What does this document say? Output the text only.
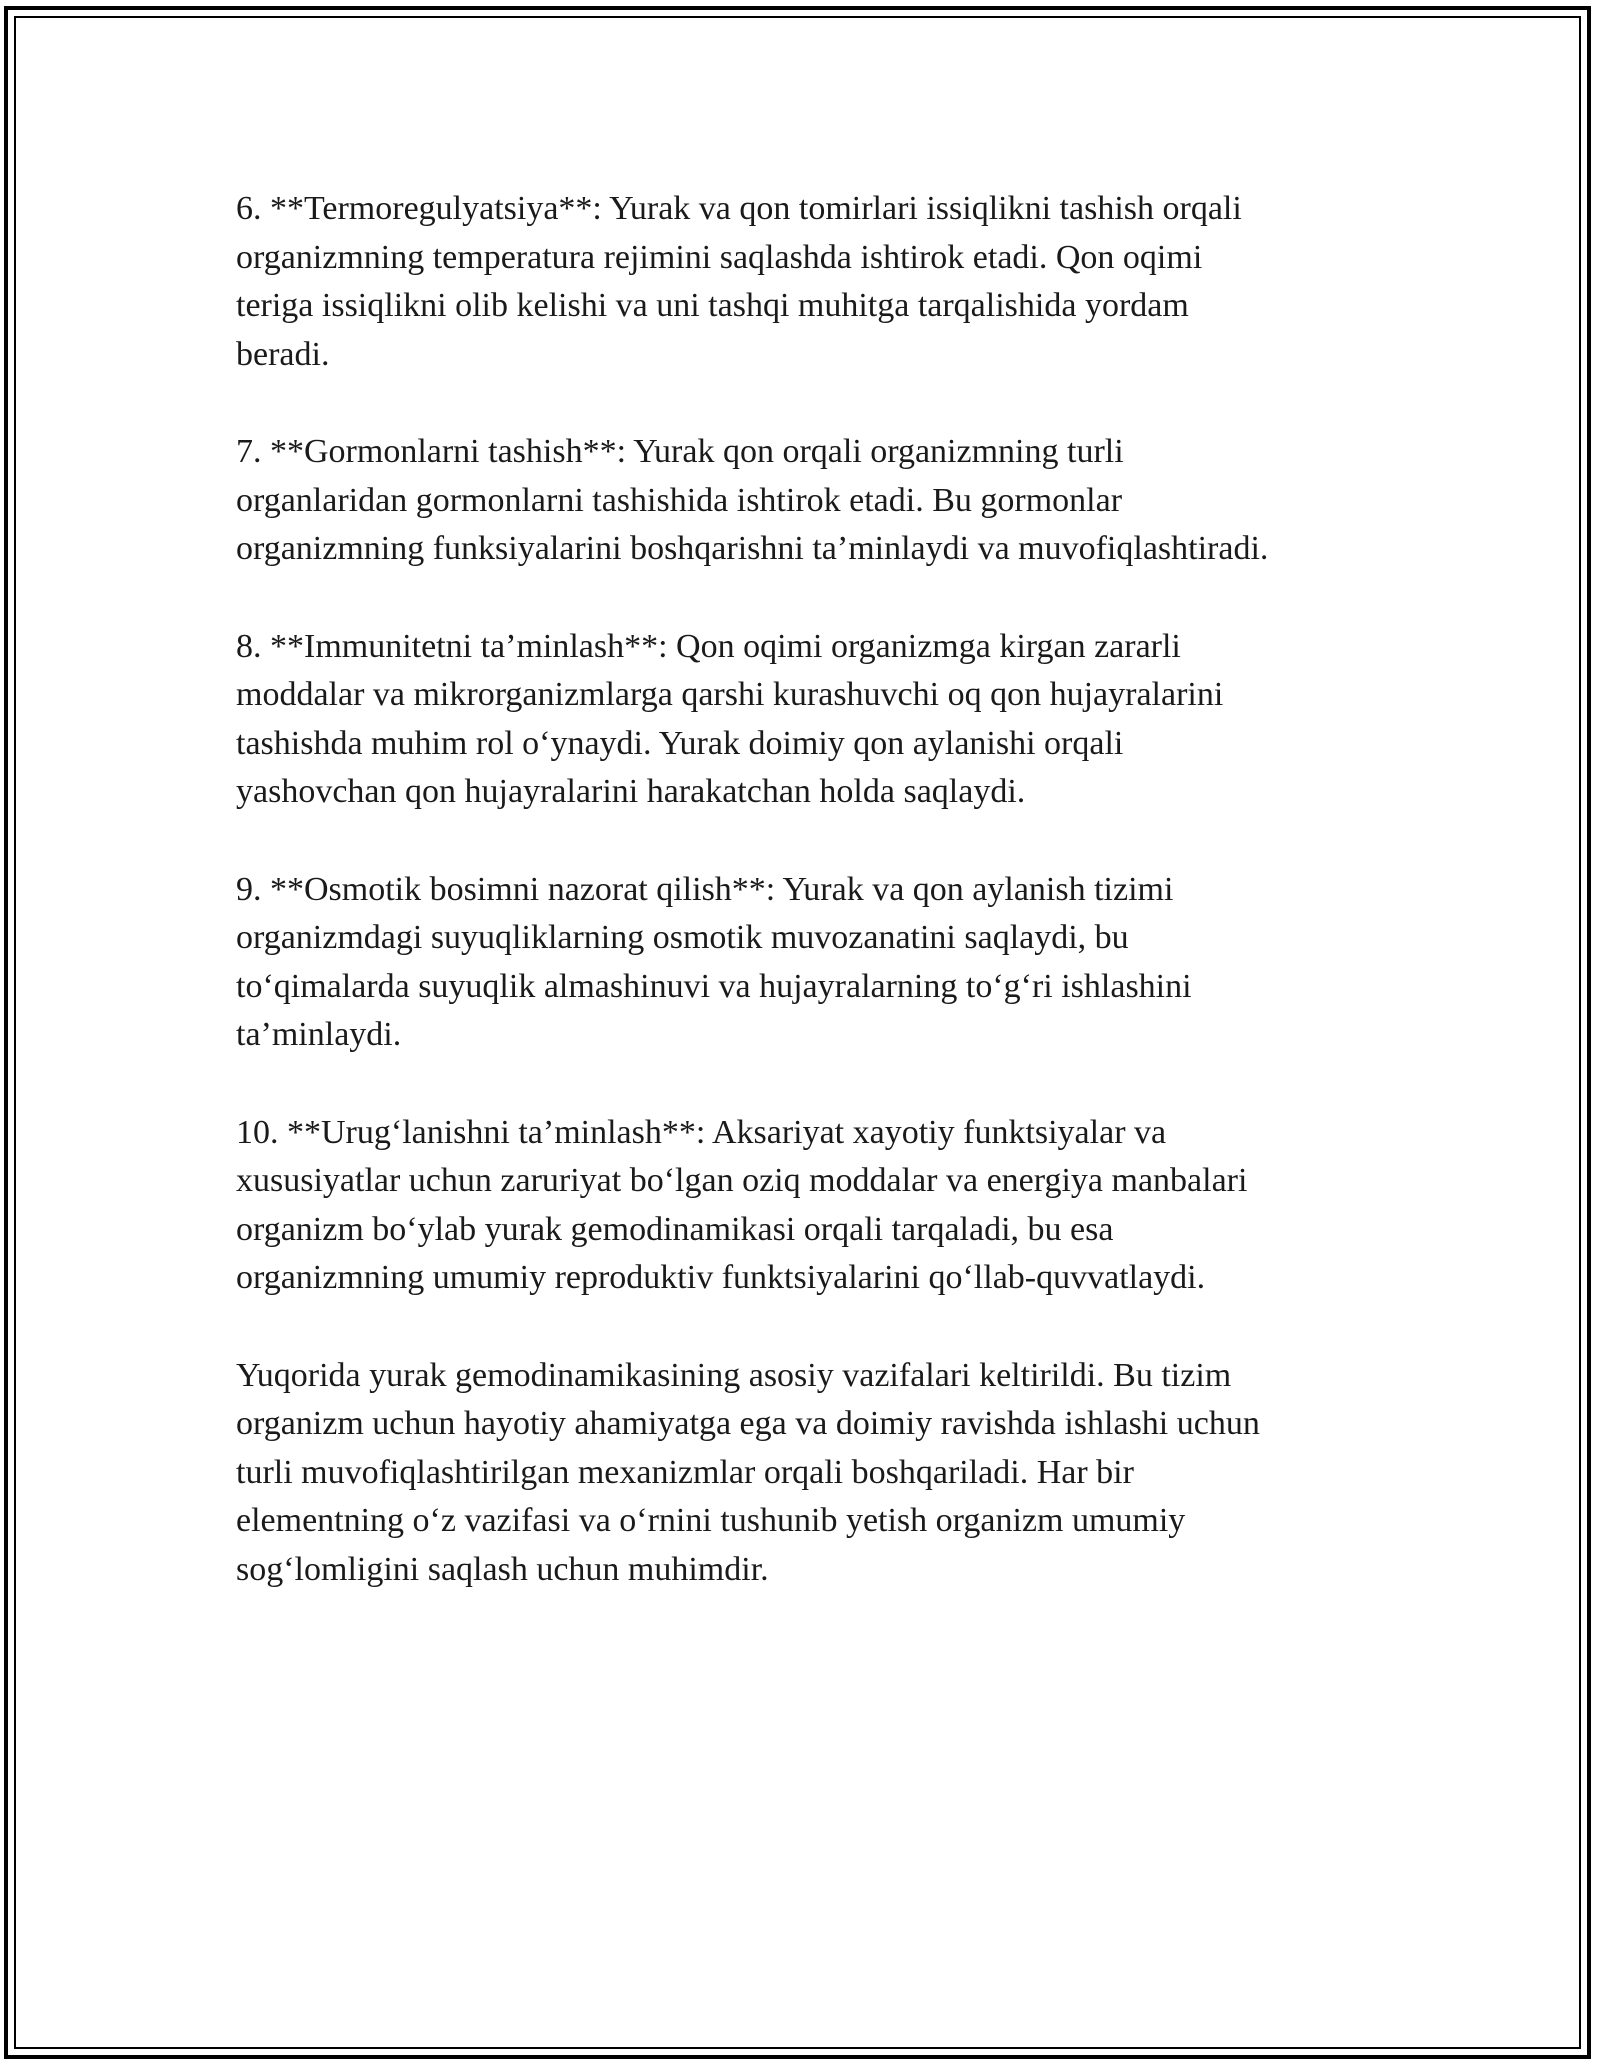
6. **Termoregulyatsiya**: Yurak va qon tomirlari issiqlikni tashish orqali
organizmning temperatura rejimini saqlashda ishtirok etadi. Qon oqimi
teriga issiqlikni olib kelishi va uni tashqi muhitga tarqalishida yordam
beradi.

7. **Gormonlarni tashish**: Yurak qon orqali organizmning turli
organlaridan gormonlarni tashishida ishtirok etadi. Bu gormonlar
organizmning funksiyalarini boshqarishni ta’minlaydi va muvofiqlashtiradi.

8. **Immunitetni ta’minlash**: Qon oqimi organizmga kirgan zararli
moddalar va mikrorganizmlarga qarshi kurashuvchi oq qon hujayralarini
tashishda muhim rol o‘ynaydi. Yurak doimiy qon aylanishi orqali
yashovchan qon hujayralarini harakatchan holda saqlaydi.

9. **Osmotik bosimni nazorat qilish**: Yurak va qon aylanish tizimi
organizmdagi suyuqliklarning osmotik muvozanatini saqlaydi, bu
to‘qimalarda suyuqlik almashinuvi va hujayralarning to‘g‘ri ishlashini
ta’minlaydi.

10. **Urug‘lanishni ta’minlash**: Aksariyat xayotiy funktsiyalar va
xususiyatlar uchun zaruriyat bo‘lgan oziq moddalar va energiya manbalari
organizm bo‘ylab yurak gemodinamikasi orqali tarqaladi, bu esa
organizmning umumiy reproduktiv funktsiyalarini qo‘llab-quvvatlaydi.

Yuqorida yurak gemodinamikasining asosiy vazifalari keltirildi. Bu tizim
organizm uchun hayotiy ahamiyatga ega va doimiy ravishda ishlashi uchun
turli muvofiqlashtirilgan mexanizmlar orqali boshqariladi. Har bir
elementning o‘z vazifasi va o‘rnini tushunib yetish organizm umumiy
sog‘lomligini saqlash uchun muhimdir.
